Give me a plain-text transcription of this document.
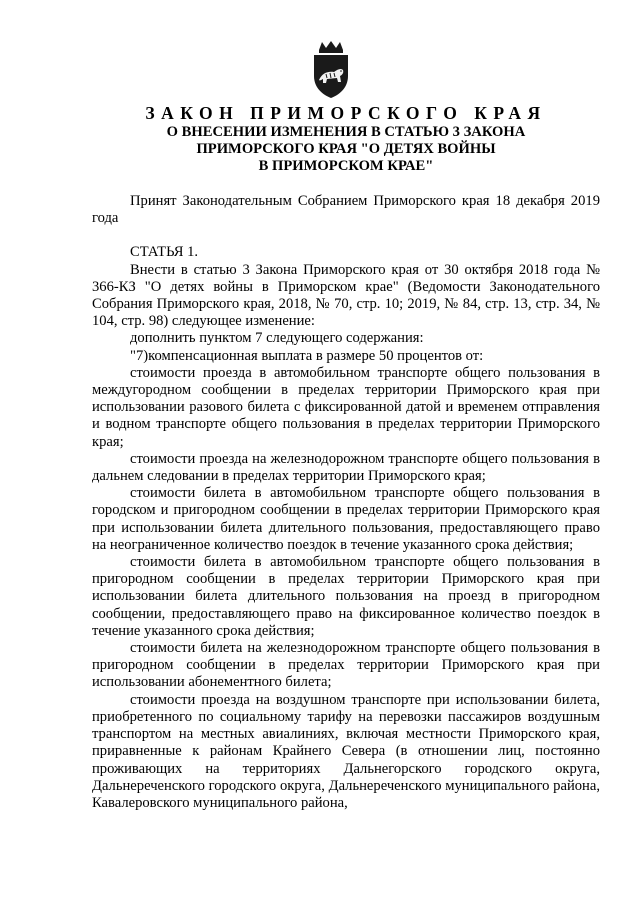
ЗАКОН ПРИМОРСКОГО КРАЯ
О ВНЕСЕНИИ ИЗМЕНЕНИЯ В СТАТЬЮ 3 ЗАКОНА
ПРИМОРСКОГО КРАЯ "О ДЕТЯХ ВОЙНЫ
В ПРИМОРСКОМ КРАЕ"

Принят Законодательным Собранием Приморского края 18 декабря 2019 года

СТАТЬЯ 1.

Внести в статью 3 Закона Приморского края от 30 октября 2018 года № 366-КЗ "О детях войны в Приморском крае" (Ведомости Законодательного Собрания Приморского края, 2018, № 70, стр. 10; 2019, № 84, стр. 13, стр. 34, № 104, стр. 98) следующее изменение:

дополнить пунктом 7 следующего содержания:

"7)компенсационная выплата в размере 50 процентов от:

стоимости проезда в автомобильном транспорте общего пользования в междугородном сообщении в пределах территории Приморского края при использовании разового билета с фиксированной датой и временем отправления и водном транспорте общего пользования в пределах территории Приморского края;

стоимости проезда на железнодорожном транспорте общего пользования в дальнем следовании в пределах территории Приморского края;

стоимости билета в автомобильном транспорте общего пользования в городском и пригородном сообщении в пределах территории Приморского края при использовании билета длительного пользования, предоставляющего право на неограниченное количество поездок в течение указанного срока действия;

стоимости билета в автомобильном транспорте общего пользования в пригородном сообщении в пределах территории Приморского края при использовании билета длительного пользования на проезд в пригородном сообщении, предоставляющего право на фиксированное количество поездок в течение указанного срока действия;

стоимости билета на железнодорожном транспорте общего пользования в пригородном сообщении в пределах территории Приморского края при использовании абонементного билета;

стоимости проезда на воздушном транспорте при использовании билета, приобретенного по социальному тарифу на перевозки пассажиров воздушным транспортом на местных авиалиниях, включая местности Приморского края, приравненные к районам Крайнего Севера (в отношении лиц, постоянно проживающих на территориях Дальнегорского городского округа, Дальнереченского городского округа, Дальнереченского муниципального района, Кавалеровского муниципального района,
